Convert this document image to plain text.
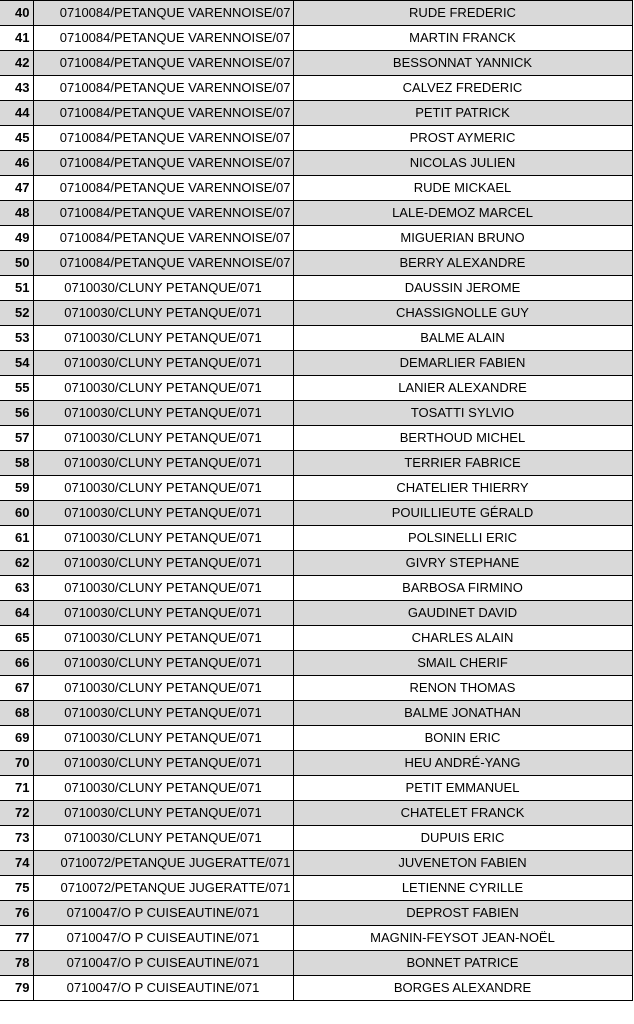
40	0710084/PETANQUE VARENNOISE/07	RUDE FREDERIC
41	0710084/PETANQUE VARENNOISE/07	MARTIN FRANCK
42	0710084/PETANQUE VARENNOISE/07	BESSONNAT YANNICK
43	0710084/PETANQUE VARENNOISE/07	CALVEZ FREDERIC
44	0710084/PETANQUE VARENNOISE/07	PETIT PATRICK
45	0710084/PETANQUE VARENNOISE/07	PROST AYMERIC
46	0710084/PETANQUE VARENNOISE/07	NICOLAS JULIEN
47	0710084/PETANQUE VARENNOISE/07	RUDE MICKAEL
48	0710084/PETANQUE VARENNOISE/07	LALE-DEMOZ MARCEL
49	0710084/PETANQUE VARENNOISE/07	MIGUERIAN BRUNO
50	0710084/PETANQUE VARENNOISE/07	BERRY ALEXANDRE
51	0710030/CLUNY PETANQUE/071	DAUSSIN JEROME
52	0710030/CLUNY PETANQUE/071	CHASSIGNOLLE GUY
53	0710030/CLUNY PETANQUE/071	BALME ALAIN
54	0710030/CLUNY PETANQUE/071	DEMARLIER FABIEN
55	0710030/CLUNY PETANQUE/071	LANIER ALEXANDRE
56	0710030/CLUNY PETANQUE/071	TOSATTI SYLVIO
57	0710030/CLUNY PETANQUE/071	BERTHOUD MICHEL
58	0710030/CLUNY PETANQUE/071	TERRIER FABRICE
59	0710030/CLUNY PETANQUE/071	CHATELIER THIERRY
60	0710030/CLUNY PETANQUE/071	POUILLIEUTE GÉRALD
61	0710030/CLUNY PETANQUE/071	POLSINELLI ERIC
62	0710030/CLUNY PETANQUE/071	GIVRY STEPHANE
63	0710030/CLUNY PETANQUE/071	BARBOSA FIRMINO
64	0710030/CLUNY PETANQUE/071	GAUDINET DAVID
65	0710030/CLUNY PETANQUE/071	CHARLES ALAIN
66	0710030/CLUNY PETANQUE/071	SMAIL CHERIF
67	0710030/CLUNY PETANQUE/071	RENON THOMAS
68	0710030/CLUNY PETANQUE/071	BALME JONATHAN
69	0710030/CLUNY PETANQUE/071	BONIN ERIC
70	0710030/CLUNY PETANQUE/071	HEU ANDRÉ-YANG
71	0710030/CLUNY PETANQUE/071	PETIT EMMANUEL
72	0710030/CLUNY PETANQUE/071	CHATELET FRANCK
73	0710030/CLUNY PETANQUE/071	DUPUIS ERIC
74	0710072/PETANQUE JUGERATTE/071	JUVENETON FABIEN
75	0710072/PETANQUE JUGERATTE/071	LETIENNE CYRILLE
76	0710047/O P CUISEAUTINE/071	DEPROST FABIEN
77	0710047/O P CUISEAUTINE/071	MAGNIN-FEYSOT JEAN-NOËL
78	0710047/O P CUISEAUTINE/071	BONNET PATRICE
79	0710047/O P CUISEAUTINE/071	BORGES ALEXANDRE
